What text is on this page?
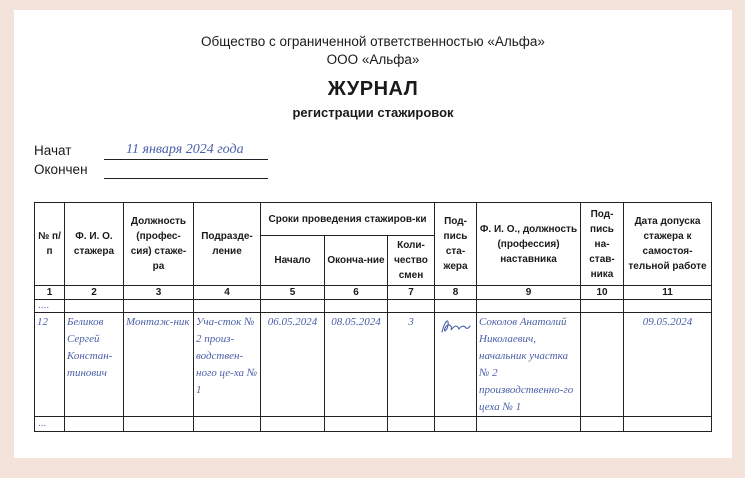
Общество с ограниченной ответственностью «Альфа»
ООО «Альфа»
ЖУРНАЛ
регистрации стажировок
Начат	11 января 2024 года
Окончен
№ п/п	Ф. И. О. стажера	Должность (профес-сия) стаже-ра	Подразде-ление	Сроки проведения стажиров-ки			Под-пись ста-жера	Ф. И. О., должность (профессия) наставника	Под-пись на-став-ника	Дата допуска стажера к самостоя-тельной работе
				Начало	Оконча-ние	Коли-чество смен				
1	2	3	4	5	6	7	8	9	10	11
....										
12	Беликов Сергей Констан-тинович	Монтаж-ник	Уча-сток № 2 произ-водствен-ного це-ха № 1	06.05.2024	08.05.2024	3		Соколов Анатолий Николаевич, начальник участка № 2 производственно-го цеха № 1		09.05.2024
...										
